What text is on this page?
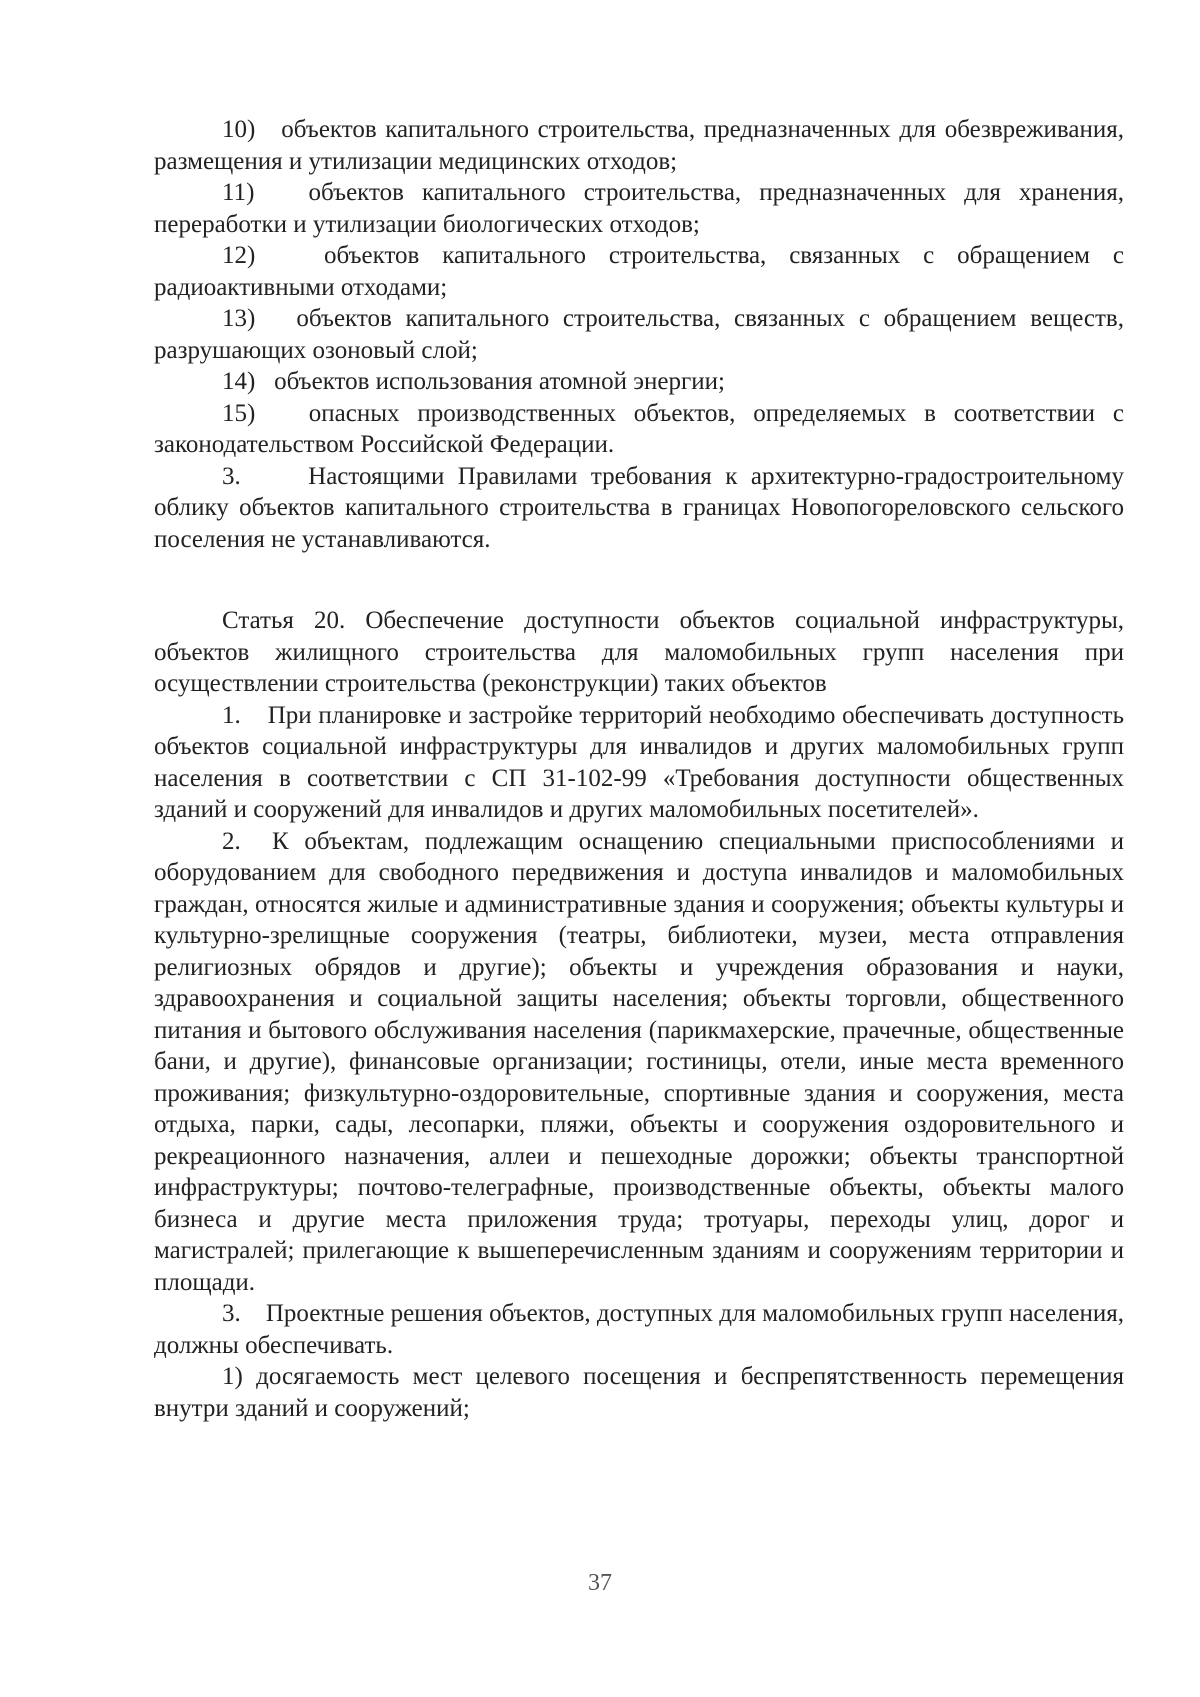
10)   объектов капитального строительства, предназначенных для обезвреживания, размещения и утилизации медицинских отходов;

11)   объектов капитального строительства, предназначенных для хранения, переработки и утилизации биологических отходов;

12)   объектов капитального строительства, связанных с обращением с радиоактивными отходами;

13)   объектов капитального строительства, связанных с обращением веществ, разрушающих озоновый слой;

14)   объектов использования атомной энергии;

15)   опасных производственных объектов, определяемых в соответствии с законодательством Российской Федерации.

3.     Настоящими Правилами требования к архитектурно-градостроительному облику объектов капитального строительства в границах Новопогореловского сельского поселения не устанавливаются.

Статья 20. Обеспечение доступности объектов социальной инфраструктуры, объектов жилищного строительства для маломобильных групп населения при осуществлении строительства (реконструкции) таких объектов

1.    При планировке и застройке территорий необходимо обеспечивать доступность объектов социальной инфраструктуры для инвалидов и других маломобильных групп населения в соответствии с СП 31-102-99 «Требования доступности общественных зданий и сооружений для инвалидов и других маломобильных посетителей».

2.  К объектам, подлежащим оснащению специальными приспособлениями и оборудованием для свободного передвижения и доступа инвалидов и маломобильных граждан, относятся жилые и административные здания и сооружения; объекты культуры и культурно-зрелищные сооружения (театры, библиотеки, музеи, места отправления религиозных обрядов и другие); объекты и учреждения образования и науки, здравоохранения и социальной защиты населения; объекты торговли, общественного питания и бытового обслуживания населения (парикмахерские, прачечные, общественные бани, и другие), финансовые организации; гостиницы, отели, иные места временного проживания; физкультурно-оздоровительные, спортивные здания и сооружения, места отдыха, парки, сады, лесопарки, пляжи, объекты и сооружения оздоровительного и рекреационного назначения, аллеи и пешеходные дорожки; объекты транспортной инфраструктуры; почтово-телеграфные, производственные объекты, объекты малого бизнеса и другие места приложения труда; тротуары, переходы улиц, дорог и магистралей; прилегающие к вышеперечисленным зданиям и сооружениям территории и площади.

3.    Проектные решения объектов, доступных для маломобильных групп населения, должны обеспечивать.

1) досягаемость мест целевого посещения и беспрепятственность перемещения внутри зданий и сооружений;

37
